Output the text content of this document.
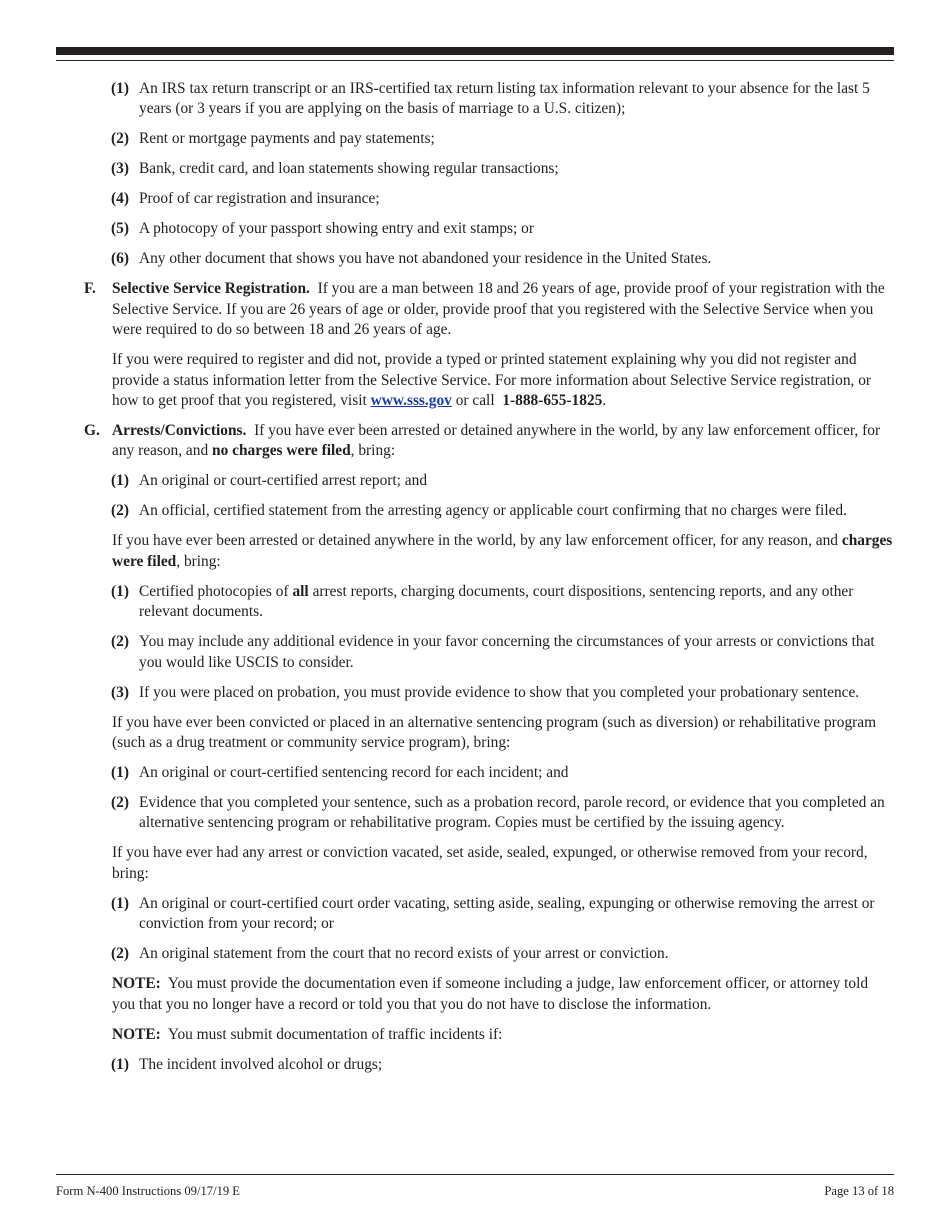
(1) An IRS tax return transcript or an IRS-certified tax return listing tax information relevant to your absence for the last 5 years (or 3 years if you are applying on the basis of marriage to a U.S. citizen);
(2) Rent or mortgage payments and pay statements;
(3) Bank, credit card, and loan statements showing regular transactions;
(4) Proof of car registration and insurance;
(5) A photocopy of your passport showing entry and exit stamps; or
(6) Any other document that shows you have not abandoned your residence in the United States.
F. Selective Service Registration. If you are a man between 18 and 26 years of age, provide proof of your registration with the Selective Service. If you are 26 years of age or older, provide proof that you registered with the Selective Service when you were required to do so between 18 and 26 years of age.

If you were required to register and did not, provide a typed or printed statement explaining why you did not register and provide a status information letter from the Selective Service. For more information about Selective Service registration, or how to get proof that you registered, visit www.sss.gov or call 1-888-655-1825.

G. Arrests/Convictions. If you have ever been arrested or detained anywhere in the world, by any law enforcement officer, for any reason, and no charges were filed, bring:
(1) An original or court-certified arrest report; and
(2) An official, certified statement from the arresting agency or applicable court confirming that no charges were filed.

If you have ever been arrested or detained anywhere in the world, by any law enforcement officer, for any reason, and charges were filed, bring:

(1) Certified photocopies of all arrest reports, charging documents, court dispositions, sentencing reports, and any other relevant documents.
(2) You may include any additional evidence in your favor concerning the circumstances of your arrests or convictions that you would like USCIS to consider.
(3) If you were placed on probation, you must provide evidence to show that you completed your probationary sentence.

If you have ever been convicted or placed in an alternative sentencing program (such as diversion) or rehabilitative program (such as a drug treatment or community service program), bring:

(1) An original or court-certified sentencing record for each incident; and
(2) Evidence that you completed your sentence, such as a probation record, parole record, or evidence that you completed an alternative sentencing program or rehabilitative program. Copies must be certified by the issuing agency.

If you have ever had any arrest or conviction vacated, set aside, sealed, expunged, or otherwise removed from your record, bring:

(1) An original or court-certified court order vacating, setting aside, sealing, expunging or otherwise removing the arrest or conviction from your record; or
(2) An original statement from the court that no record exists of your arrest or conviction.

NOTE: You must provide the documentation even if someone including a judge, law enforcement officer, or attorney told you that you no longer have a record or told you that you do not have to disclose the information.

NOTE: You must submit documentation of traffic incidents if:

(1) The incident involved alcohol or drugs;
Form N-400 Instructions 09/17/19 E	Page 13 of 18
